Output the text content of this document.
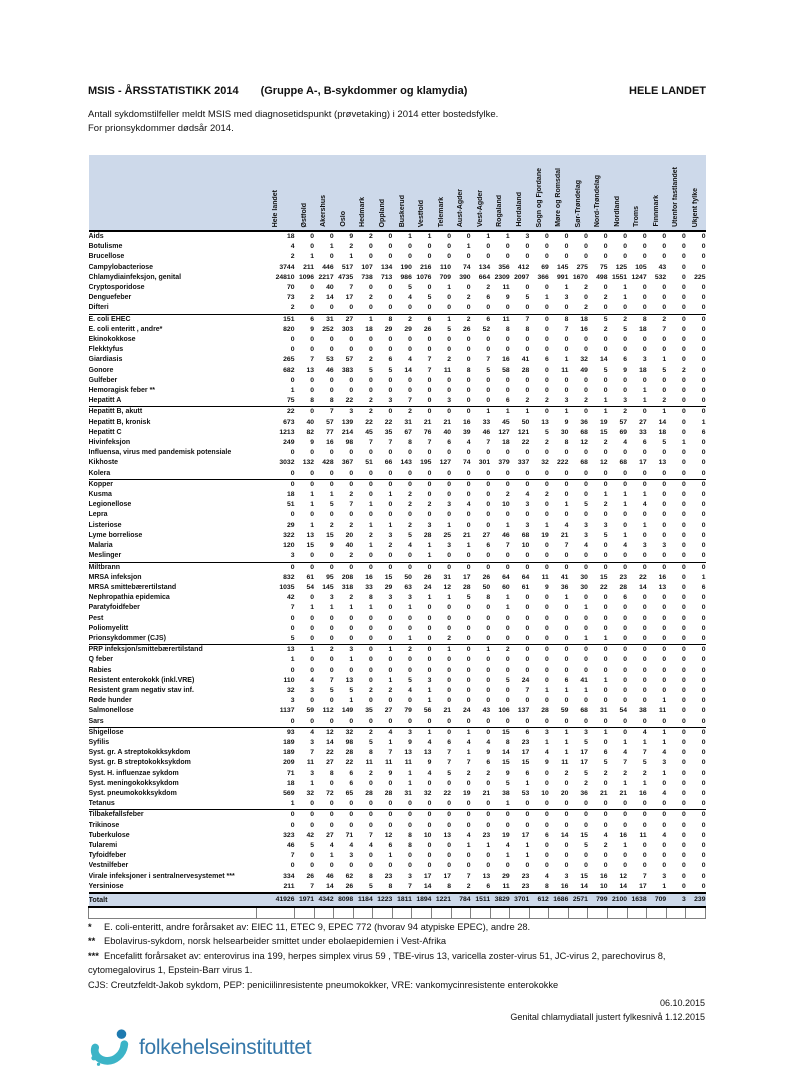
MSIS - ÅRSSTATISTIKK 2014 (Gruppe A-, B-sykdommer og klamydia)	HELE LANDET
Antall sykdomstilfeller meldt MSIS med diagnosetidspunkt (prøvetaking) i 2014 etter bostedsfylke.
For prionsykdommer dødsår 2014.

	Hele landet	Østfold	Akershus	Oslo	Hedmark	Oppland	Buskerud	Vestfold	Telemark	Aust-Agder	Vest-Agder	Rogaland	Hordaland	Sogn og Fjordane	Møre og Romsdal	Sør-Trøndelag	Nord-Trøndelag	Nordland	Troms	Finnmark	Utenfor fastlandet	Ukjent fylke

Aids	18	0	0	9	2	0	1	1	0	0	1	1	3	0	0	0	0	0	0	0	0	0
Botulisme	4	0	1	2	0	0	0	0	0	1	0	0	0	0	0	0	0	0	0	0	0	0
Brucellose	2	1	0	1	0	0	0	0	0	0	0	0	0	0	0	0	0	0	0	0	0	0
Campylobacteriose	3744	211	446	517	107	134	190	216	110	74	134	356	412	69	145	275	75	125	105	43	0	0
Chlamydiainfeksjon, genital	24810	1096	2217	4735	738	713	986	1076	709	390	664	2309	2097	366	991	1670	498	1551	1247	532	0	225
Cryptosporidose	70	0	40	7	0	0	5	0	1	0	2	11	0	0	1	2	0	1	0	0	0	0
Denguefeber	73	2	14	17	2	0	4	5	0	2	6	9	5	1	3	0	2	1	0	0	0	0
Difteri	2	0	0	0	0	0	0	0	0	0	0	0	0	0	0	2	0	0	0	0	0	0
E. coli EHEC	151	6	31	27	1	8	2	6	1	2	6	11	7	0	8	18	5	2	8	2	0	0
E. coli enteritt , andre*	820	9	252	303	18	29	29	26	5	26	52	8	8	0	7	16	2	5	18	7	0	0
Ekinokokkose	0	0	0	0	0	0	0	0	0	0	0	0	0	0	0	0	0	0	0	0	0	0
Flekktyfus	0	0	0	0	0	0	0	0	0	0	0	0	0	0	0	0	0	0	0	0	0	0
Giardiasis	265	7	53	57	2	6	4	7	2	0	7	16	41	6	1	32	14	6	3	1	0	0
Gonore	682	13	46	383	5	5	14	7	11	8	5	58	28	0	11	49	5	9	18	5	2	0
Gulfeber	0	0	0	0	0	0	0	0	0	0	0	0	0	0	0	0	0	0	0	0	0	0
Hemoragisk feber **	1	0	0	0	0	0	0	0	0	0	0	0	0	0	0	0	0	0	1	0	0	0
Hepatitt A	75	8	8	22	2	3	7	0	3	0	0	6	2	2	3	2	1	3	1	2	0	0
Hepatitt B, akutt	22	0	7	3	2	0	2	0	0	0	1	1	1	0	1	0	1	2	0	1	0	0
Hepatitt B, kronisk	673	40	57	139	22	22	31	21	21	16	33	45	50	13	9	36	19	57	27	14	0	1
Hepatitt C	1213	82	77	214	45	35	67	76	40	39	46	127	121	5	30	68	15	69	33	18	0	6
Hivinfeksjon	249	9	16	98	7	7	8	7	6	4	7	18	22	2	8	12	2	4	6	5	1	0
Influensa, virus med pandemisk potensiale	0	0	0	0	0	0	0	0	0	0	0	0	0	0	0	0	0	0	0	0	0	0
Kikhoste	3032	132	428	367	51	66	143	195	127	74	301	379	337	32	222	68	12	68	17	13	0	0
Kolera	0	0	0	0	0	0	0	0	0	0	0	0	0	0	0	0	0	0	0	0	0	0
Kopper	0	0	0	0	0	0	0	0	0	0	0	0	0	0	0	0	0	0	0	0	0	0
Kusma	18	1	1	2	0	1	2	0	0	0	0	2	4	2	0	0	1	1	1	0	0	0
Legionellose	51	1	5	7	1	0	2	2	3	4	0	10	3	0	1	5	2	1	4	0	0	0
Lepra	0	0	0	0	0	0	0	0	0	0	0	0	0	0	0	0	0	0	0	0	0	0
Listeriose	29	1	2	2	1	1	2	3	1	0	0	1	3	1	4	3	3	0	1	0	0	0
Lyme borreliose	322	13	15	20	2	3	5	28	25	21	27	46	68	19	21	3	5	1	0	0	0	0
Malaria	120	15	9	40	1	2	4	1	3	1	6	7	10	0	7	4	0	4	3	3	0	0
Meslinger	3	0	0	2	0	0	0	1	0	0	0	0	0	0	0	0	0	0	0	0	0	0
Miltbrann	0	0	0	0	0	0	0	0	0	0	0	0	0	0	0	0	0	0	0	0	0	0
MRSA infeksjon	832	61	95	208	16	15	50	26	31	17	26	64	64	11	41	30	15	23	22	16	0	1
MRSA smittebærertilstand	1035	54	145	318	33	29	63	24	12	28	50	60	61	9	36	30	22	28	14	13	0	6
Nephropathia epidemica	42	0	3	2	8	3	3	1	1	5	8	1	0	0	1	0	0	6	0	0	0	0
Paratyfoidfeber	7	1	1	1	1	0	1	0	0	0	0	1	0	0	0	1	0	0	0	0	0	0
Pest	0	0	0	0	0	0	0	0	0	0	0	0	0	0	0	0	0	0	0	0	0	0
Poliomyelitt	0	0	0	0	0	0	0	0	0	0	0	0	0	0	0	0	0	0	0	0	0	0
Prionsykdommer (CJS)	5	0	0	0	0	0	1	0	2	0	0	0	0	0	0	1	1	0	0	0	0	0
PRP infeksjon/smittebærertilstand	13	1	2	3	0	1	2	0	1	0	1	2	0	0	0	0	0	0	0	0	0	0
Q feber	1	0	0	1	0	0	0	0	0	0	0	0	0	0	0	0	0	0	0	0	0	0
Rabies	0	0	0	0	0	0	0	0	0	0	0	0	0	0	0	0	0	0	0	0	0	0
Resistent enterokokk (inkl.VRE)	110	4	7	13	0	1	5	3	0	0	0	5	24	0	6	41	1	0	0	0	0	0
Resistent gram negativ stav inf.	32	3	5	5	2	2	4	1	0	0	0	0	7	1	1	1	0	0	0	0	0	0
Røde hunder	3	0	0	1	0	0	0	1	0	0	0	0	0	0	0	0	0	0	0	1	0	0
Salmonellose	1137	59	112	149	35	27	79	56	21	24	43	106	137	28	59	68	31	54	38	11	0	0
Sars	0	0	0	0	0	0	0	0	0	0	0	0	0	0	0	0	0	0	0	0	0	0
Shigellose	93	4	12	32	2	4	3	1	0	1	0	15	6	3	1	3	1	0	4	1	0	0
Syfilis	189	3	14	98	5	1	9	4	6	4	4	8	23	1	1	5	0	1	1	1	0	0
Syst. gr. A streptokokksykdom	189	7	22	28	8	7	13	13	7	1	9	14	17	4	1	17	6	4	7	4	0	0
Syst. gr. B streptokokksykdom	209	11	27	22	11	11	11	9	7	7	6	15	15	9	11	17	5	7	5	3	0	0
Syst. H. influenzae sykdom	71	3	8	6	2	9	1	4	5	2	2	9	6	0	2	5	2	2	2	1	0	0
Syst. meningokokksykdom	18	1	0	6	0	0	1	0	0	0	0	5	1	0	0	2	0	1	1	0	0	0
Syst. pneumokokksykdom	569	32	72	65	28	28	31	32	22	19	21	38	53	10	20	36	21	21	16	4	0	0
Tetanus	1	0	0	0	0	0	0	0	0	0	0	1	0	0	0	0	0	0	0	0	0	0
Tilbakefallsfeber	0	0	0	0	0	0	0	0	0	0	0	0	0	0	0	0	0	0	0	0	0	0
Trikinose	0	0	0	0	0	0	0	0	0	0	0	0	0	0	0	0	0	0	0	0	0	0
Tuberkulose	323	42	27	71	7	12	8	10	13	4	23	19	17	6	14	15	4	16	11	4	0	0
Tularemi	46	5	4	4	4	6	8	0	0	1	1	4	1	0	0	5	2	1	0	0	0	0
Tyfoidfeber	7	0	1	3	0	1	0	0	0	0	0	1	1	0	0	0	0	0	0	0	0	0
Vestnilfeber	0	0	0	0	0	0	0	0	0	0	0	0	0	0	0	0	0	0	0	0	0	0
Virale infeksjoner i sentralnervesystemet ***	334	26	46	62	8	23	3	17	17	7	13	29	23	4	3	15	16	12	7	3	0	0
Yersiniose	211	7	14	26	5	8	7	14	8	2	6	11	23	8	16	14	10	14	17	1	0	0
Totalt	41926	1971	4342	8098	1184	1223	1811	1894	1221	784	1511	3829	3701	612	1686	2571	799	2100	1638	709	3	239

* E. coli-enteritt, andre forårsaket av: EIEC 11, ETEC 9, EPEC 772 (hvorav 94 atypiske EPEC), andre 28.
** Ebolavirus-sykdom, norsk helsearbeider smittet under ebolaepidemien i Vest-Afrika
*** Encefalitt forårsaket av: enterovirus ina 199, herpes simplex virus 59 , TBE-virus 13, varicella zoster-virus 51, JC-virus 2, parechovirus 8, cytomegalovirus 1, Epstein-Barr virus 1.
CJS: Creutzfeldt-Jakob sykdom, PEP: peniciilinresistente pneumokokker, VRE: vankomycinresistente enterokokke
06.10.2015
Genital chlamydiatall justert fylkesnivå 1.12.2015
folkehelseinstituttet
